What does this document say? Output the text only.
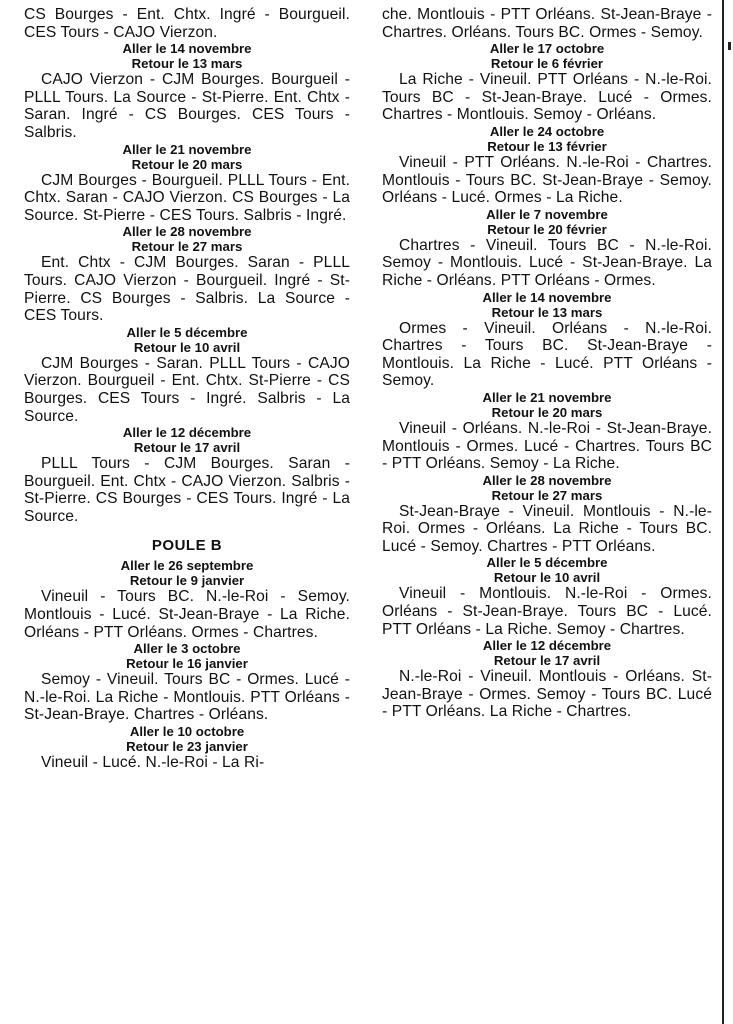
CS Bourges - Ent. Chtx. Ingré - Bourgueil. CES Tours - CAJO Vierzon.

Aller le 14 novembre
Retour le 13 mars

CAJO Vierzon - CJM Bourges. Bourgueil - PLLL Tours. La Source - St-Pierre. Ent. Chtx - Saran. Ingré - CS Bourges. CES Tours - Salbris.

Aller le 21 novembre
Retour le 20 mars

CJM Bourges - Bourgueil. PLLL Tours - Ent. Chtx. Saran - CAJO Vierzon. CS Bourges - La Source. St-Pierre - CES Tours. Salbris - Ingré.

Aller le 28 novembre
Retour le 27 mars

Ent. Chtx - CJM Bourges. Saran - PLLL Tours. CAJO Vierzon - Bourgueil. Ingré - St-Pierre. CS Bourges - Salbris. La Source - CES Tours.

Aller le 5 décembre
Retour le 10 avril

CJM Bourges - Saran. PLLL Tours - CAJO Vierzon. Bourgueil - Ent. Chtx. St-Pierre - CS Bourges. CES Tours - Ingré. Salbris - La Source.

Aller le 12 décembre
Retour le 17 avril

PLLL Tours - CJM Bourges. Saran - Bourgueil. Ent. Chtx - CAJO Vierzon. Salbris - St-Pierre. CS Bourges - CES Tours. Ingré - La Source.

POULE B
Aller le 26 septembre
Retour le 9 janvier

Vineuil - Tours BC. N.-le-Roi - Semoy. Montlouis - Lucé. St-Jean-Braye - La Riche. Orléans - PTT Orléans. Ormes - Chartres.

Aller le 3 octobre
Retour le 16 janvier

Semoy - Vineuil. Tours BC - Ormes. Lucé - N.-le-Roi. La Riche - Montlouis. PTT Orléans - St-Jean-Braye. Chartres - Orléans.

Aller le 10 octobre
Retour le 23 janvier

Vineuil - Lucé. N.-le-Roi - La Ri-

che. Montlouis - PTT Orléans. St-Jean-Braye - Chartres. Orléans. Tours BC. Ormes - Semoy.

Aller le 17 octobre
Retour le 6 février

La Riche - Vineuil. PTT Orléans - N.-le-Roi. Tours BC - St-Jean-Braye. Lucé - Ormes. Chartres - Montlouis. Semoy - Orléans.

Aller le 24 octobre
Retour le 13 février

Vineuil - PTT Orléans. N.-le-Roi - Chartres. Montlouis - Tours BC. St-Jean-Braye - Semoy. Orléans - Lucé. Ormes - La Riche.

Aller le 7 novembre
Retour le 20 février

Chartres - Vineuil. Tours BC - N.-le-Roi. Semoy - Montlouis. Lucé - St-Jean-Braye. La Riche - Orléans. PTT Orléans - Ormes.

Aller le 14 novembre
Retour le 13 mars

Ormes - Vineuil. Orléans - N.-le-Roi. Chartres - Tours BC. St-Jean-Braye - Montlouis. La Riche - Lucé. PTT Orléans - Semoy.

Aller le 21 novembre
Retour le 20 mars

Vineuil - Orléans. N.-le-Roi - St-Jean-Braye. Montlouis - Ormes. Lucé - Chartres. Tours BC - PTT Orléans. Semoy - La Riche.

Aller le 28 novembre
Retour le 27 mars

St-Jean-Braye - Vineuil. Montlouis - N.-le-Roi. Ormes - Orléans. La Riche - Tours BC. Lucé - Semoy. Chartres - PTT Orléans.

Aller le 5 décembre
Retour le 10 avril

Vineuil - Montlouis. N.-le-Roi - Ormes. Orléans - St-Jean-Braye. Tours BC - Lucé. PTT Orléans - La Riche. Semoy - Chartres.

Aller le 12 décembre
Retour le 17 avril

N.-le-Roi - Vineuil. Montlouis - Orléans. St-Jean-Braye - Ormes. Semoy - Tours BC. Lucé - PTT Orléans. La Riche - Chartres.
